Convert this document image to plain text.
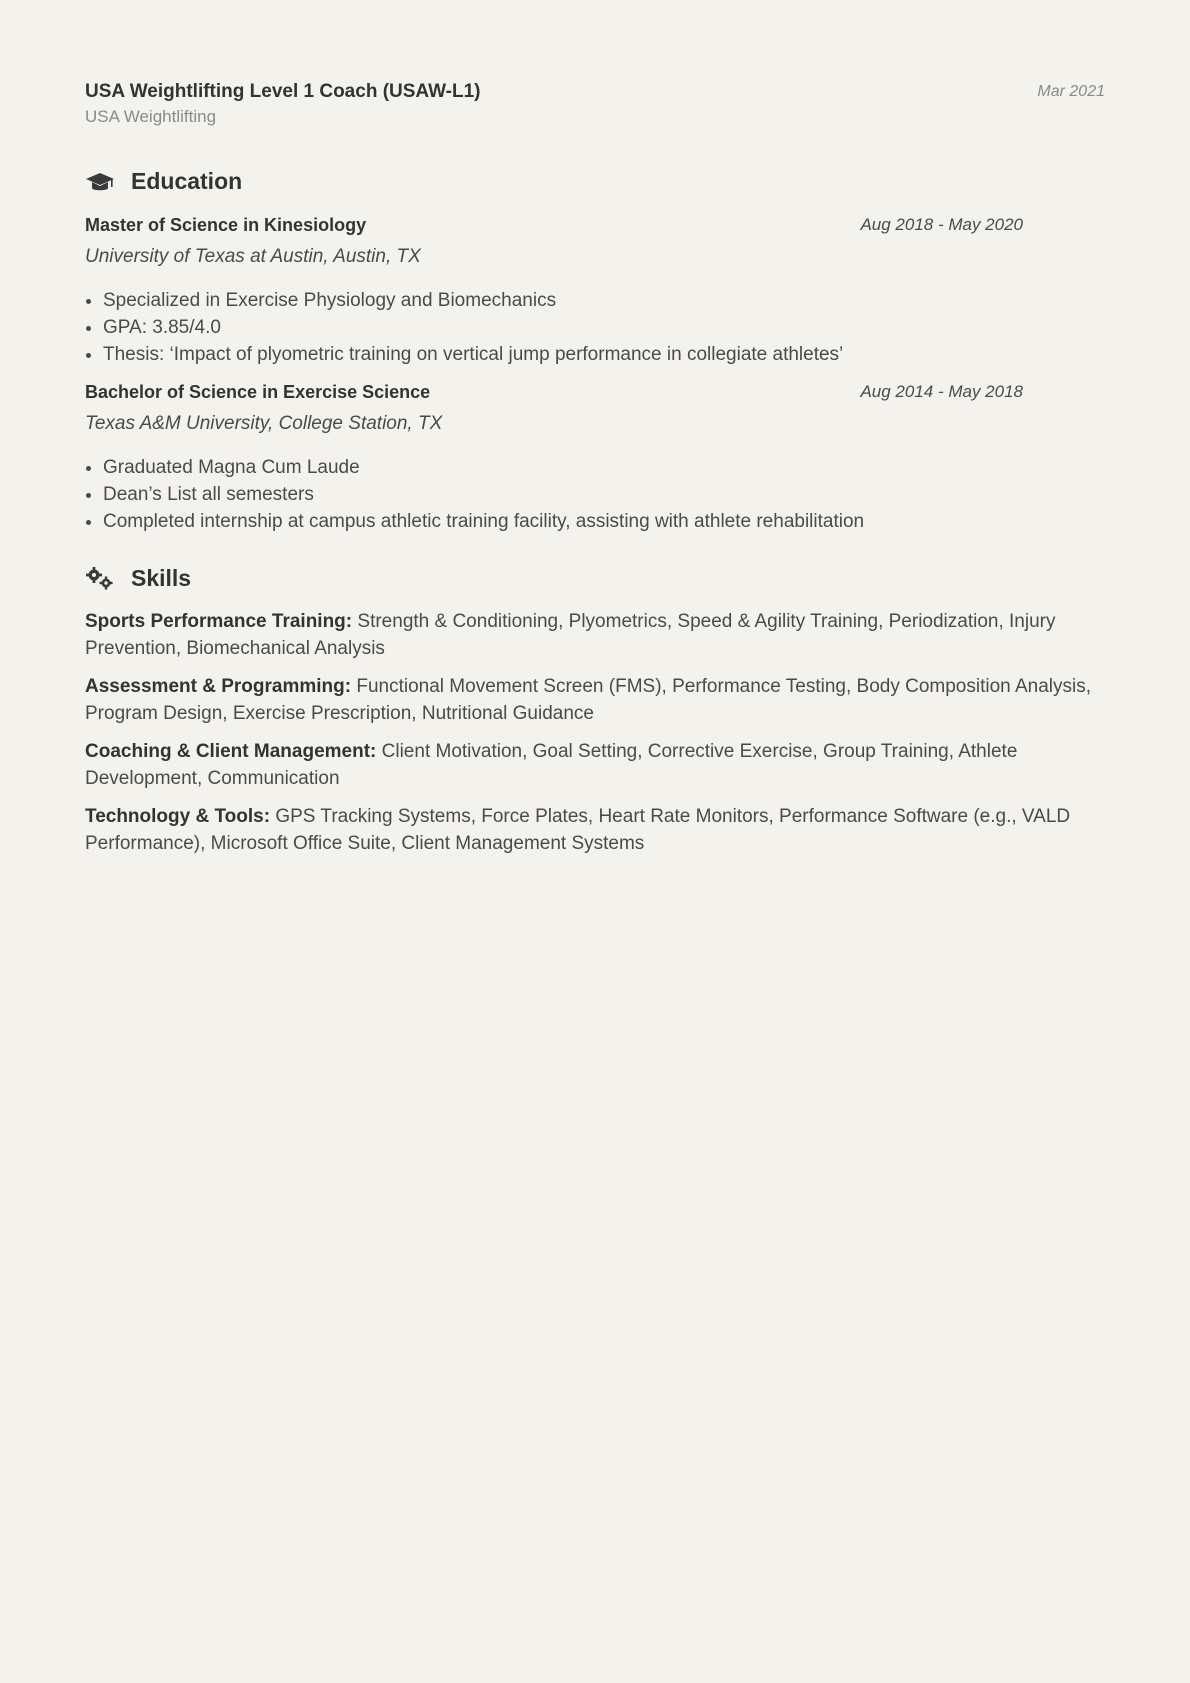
USA Weightlifting Level 1 Coach (USAW-L1)
USA Weightlifting
Mar 2021
Education
Master of Science in Kinesiology	Aug 2018 - May 2020
University of Texas at Austin, Austin, TX
• Specialized in Exercise Physiology and Biomechanics
• GPA: 3.85/4.0
• Thesis: ‘Impact of plyometric training on vertical jump performance in collegiate athletes’
Bachelor of Science in Exercise Science	Aug 2014 - May 2018
Texas A&M University, College Station, TX
• Graduated Magna Cum Laude
• Dean’s List all semesters
• Completed internship at campus athletic training facility, assisting with athlete rehabilitation
Skills
Sports Performance Training: Strength & Conditioning, Plyometrics, Speed & Agility Training, Periodization, Injury Prevention, Biomechanical Analysis
Assessment & Programming: Functional Movement Screen (FMS), Performance Testing, Body Composition Analysis, Program Design, Exercise Prescription, Nutritional Guidance
Coaching & Client Management: Client Motivation, Goal Setting, Corrective Exercise, Group Training, Athlete Development, Communication
Technology & Tools: GPS Tracking Systems, Force Plates, Heart Rate Monitors, Performance Software (e.g., VALD Performance), Microsoft Office Suite, Client Management Systems
